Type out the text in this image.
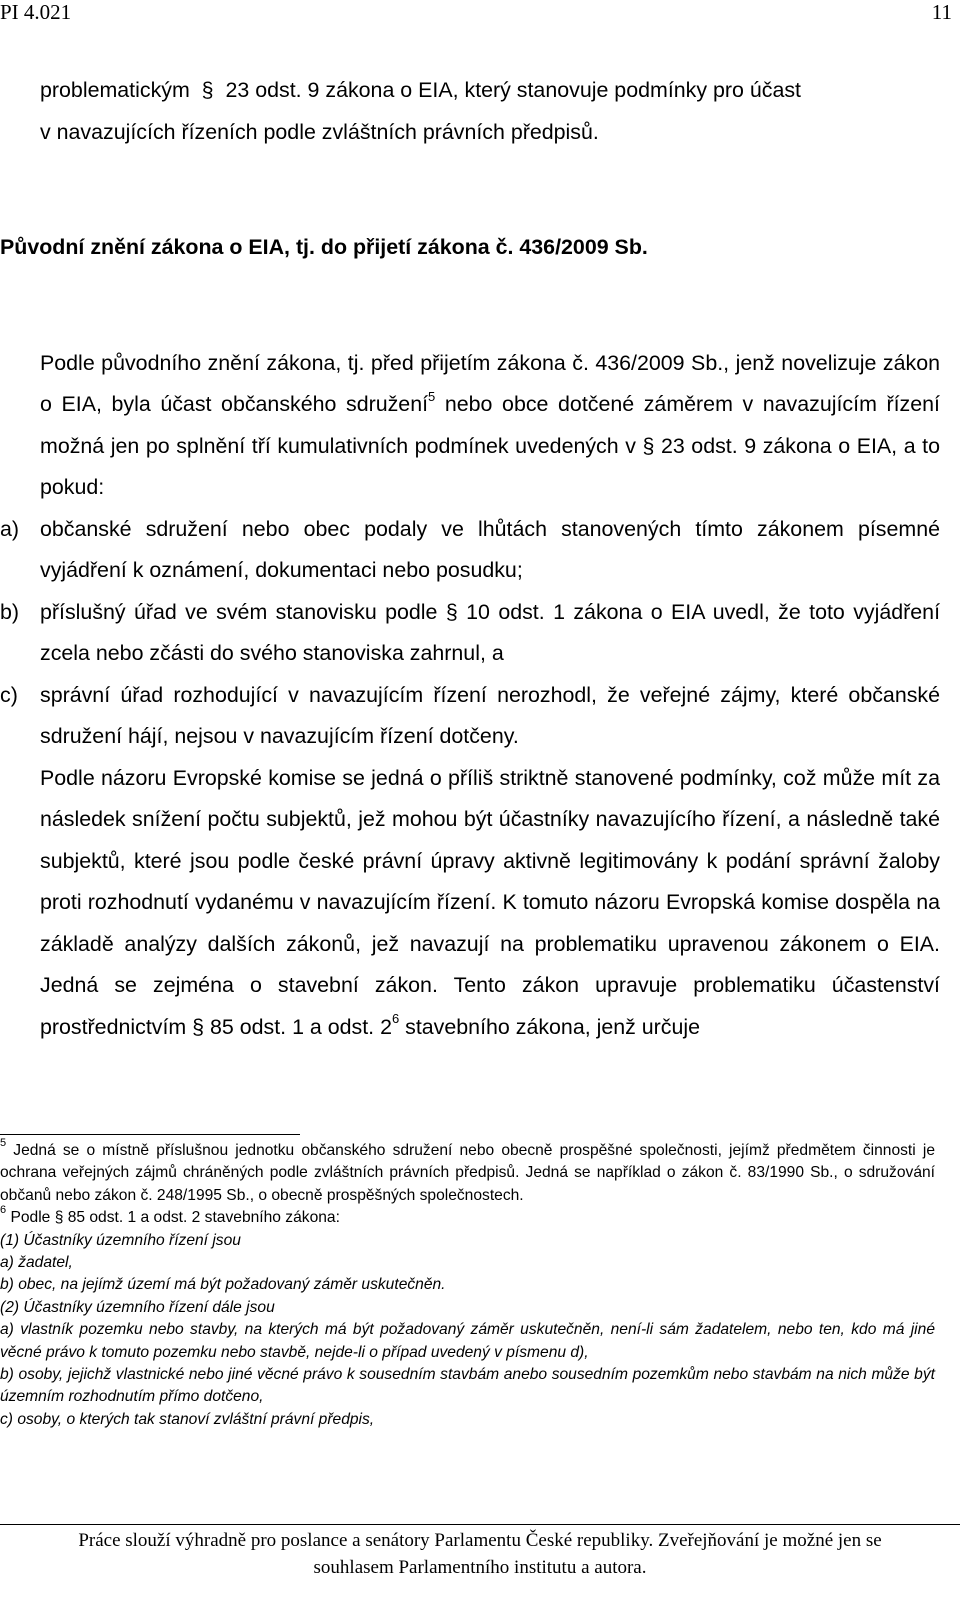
PI 4.021	11

problematickým  §  23 odst. 9 zákona o EIA, který stanovuje podmínky pro účast

v navazujících řízeních podle zvláštních právních předpisů.

Původní znění zákona o EIA, tj. do přijetí zákona č. 436/2009 Sb.

Podle původního znění zákona, tj. před přijetím zákona č. 436/2009 Sb., jenž novelizuje zákon o EIA, byla účast občanského sdružení$^5$ nebo obce dotčené záměrem v navazujícím řízení možná jen po splnění tří kumulativních podmínek uvedených v § 23 odst. 9 zákona o EIA, a to pokud:

a) občanské sdružení nebo obec podaly ve lhůtách stanovených tímto zákonem písemné vyjádření k oznámení, dokumentaci nebo posudku;

b) příslušný úřad ve svém stanovisku podle § 10 odst. 1 zákona o EIA uvedl, že toto vyjádření zcela nebo zčásti do svého stanoviska zahrnul, a

c) správní úřad rozhodující v navazujícím řízení nerozhodl, že veřejné zájmy, které občanské sdružení hájí, nejsou v navazujícím řízení dotčeny.

Podle názoru Evropské komise se jedná o příliš striktně stanovené podmínky, což může mít za následek snížení počtu subjektů, jež mohou být účastníky navazujícího řízení, a následně také subjektů, které jsou podle české právní úpravy aktivně legitimovány k podání správní žaloby proti rozhodnutí vydanému v navazujícím řízení. K tomuto názoru Evropská komise dospěla na základě analýzy dalších zákonů, jež navazují na problematiku upravenou zákonem o EIA. Jedná se zejména o stavební zákon. Tento zákon upravuje problematiku účastenství prostřednictvím § 85 odst. 1 a odst. $2^6$ stavebního zákona, jenž určuje

$^5$ Jedná se o místně příslušnou jednotku občanského sdružení nebo obecně prospěšné společnosti, jejímž předmětem činnosti je ochrana veřejných zájmů chráněných podle zvláštních právních předpisů. Jedná se například o zákon č. 83/1990 Sb., o sdružování občanů nebo zákon č. 248/1995 Sb., o obecně prospěšných společnostech.

$^6$ Podle § 85 odst. 1 a odst. 2 stavebního zákona:

(1) Účastníky územního řízení jsou

a) žadatel,

b) obec, na jejímž území má být požadovaný záměr uskutečněn.

(2) Účastníky územního řízení dále jsou

a) vlastník pozemku nebo stavby, na kterých má být požadovaný záměr uskutečněn, není-li sám žadatelem, nebo ten, kdo má jiné věcné právo k tomuto pozemku nebo stavbě, nejde-li o případ uvedený v písmenu d),

b) osoby, jejichž vlastnické nebo jiné věcné právo k sousedním stavbám anebo sousedním pozemkům nebo stavbám na nich může být územním rozhodnutím přímo dotčeno,

c) osoby, o kterých tak stanoví zvláštní právní předpis,

Práce slouží výhradně pro poslance a senátory Parlamentu České republiky. Zveřejňování je možné jen se
souhlasem Parlamentního institutu a autora.
